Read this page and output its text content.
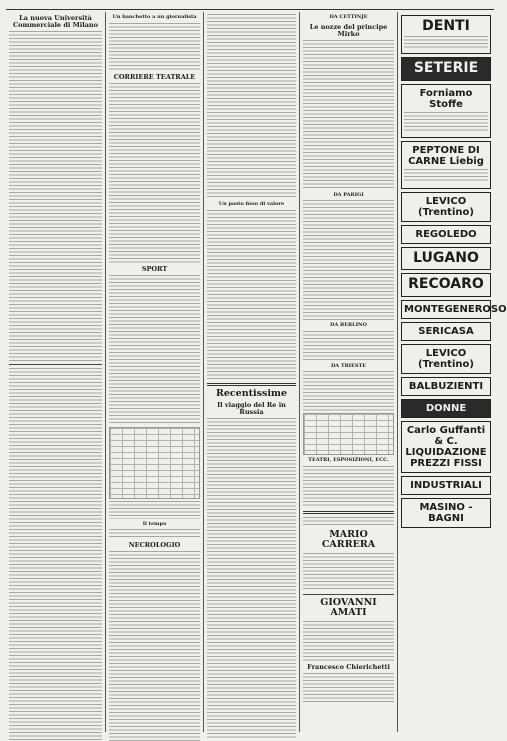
La nuova Università Commerciale di Milano
Un banchetto a un giornalista
CORRIERE TEATRALE
SPORT
Il tempo
NECROLOGIO
Un posto fisso di valore
Recentissime
Il viaggio del Re in Russia
DA CETTINJE
Le nozze del principe Mirko
DA PARIGI
DA BERLINO
DA TRIESTE
TEATRI, ESPOSIZIONI, ECC.
MARIO CARRERA
GIOVANNI AMATI
Francesco Chierichetti
DENTI
SETERIE
Forniamo Stoffe
PEPTONE DI CARNE Liebig
LEVICO (Trentino)
REGOLEDO
LUGANO
RECOARO
MONTEGENEROSO
SERICASA
LEVICO (Trentino)
BALBUZIENTI
DONNE
Carlo Guffanti & C.
LIQUIDAZIONE
PREZZI FISSI
INDUSTRIALI
MASINO - BAGNI
